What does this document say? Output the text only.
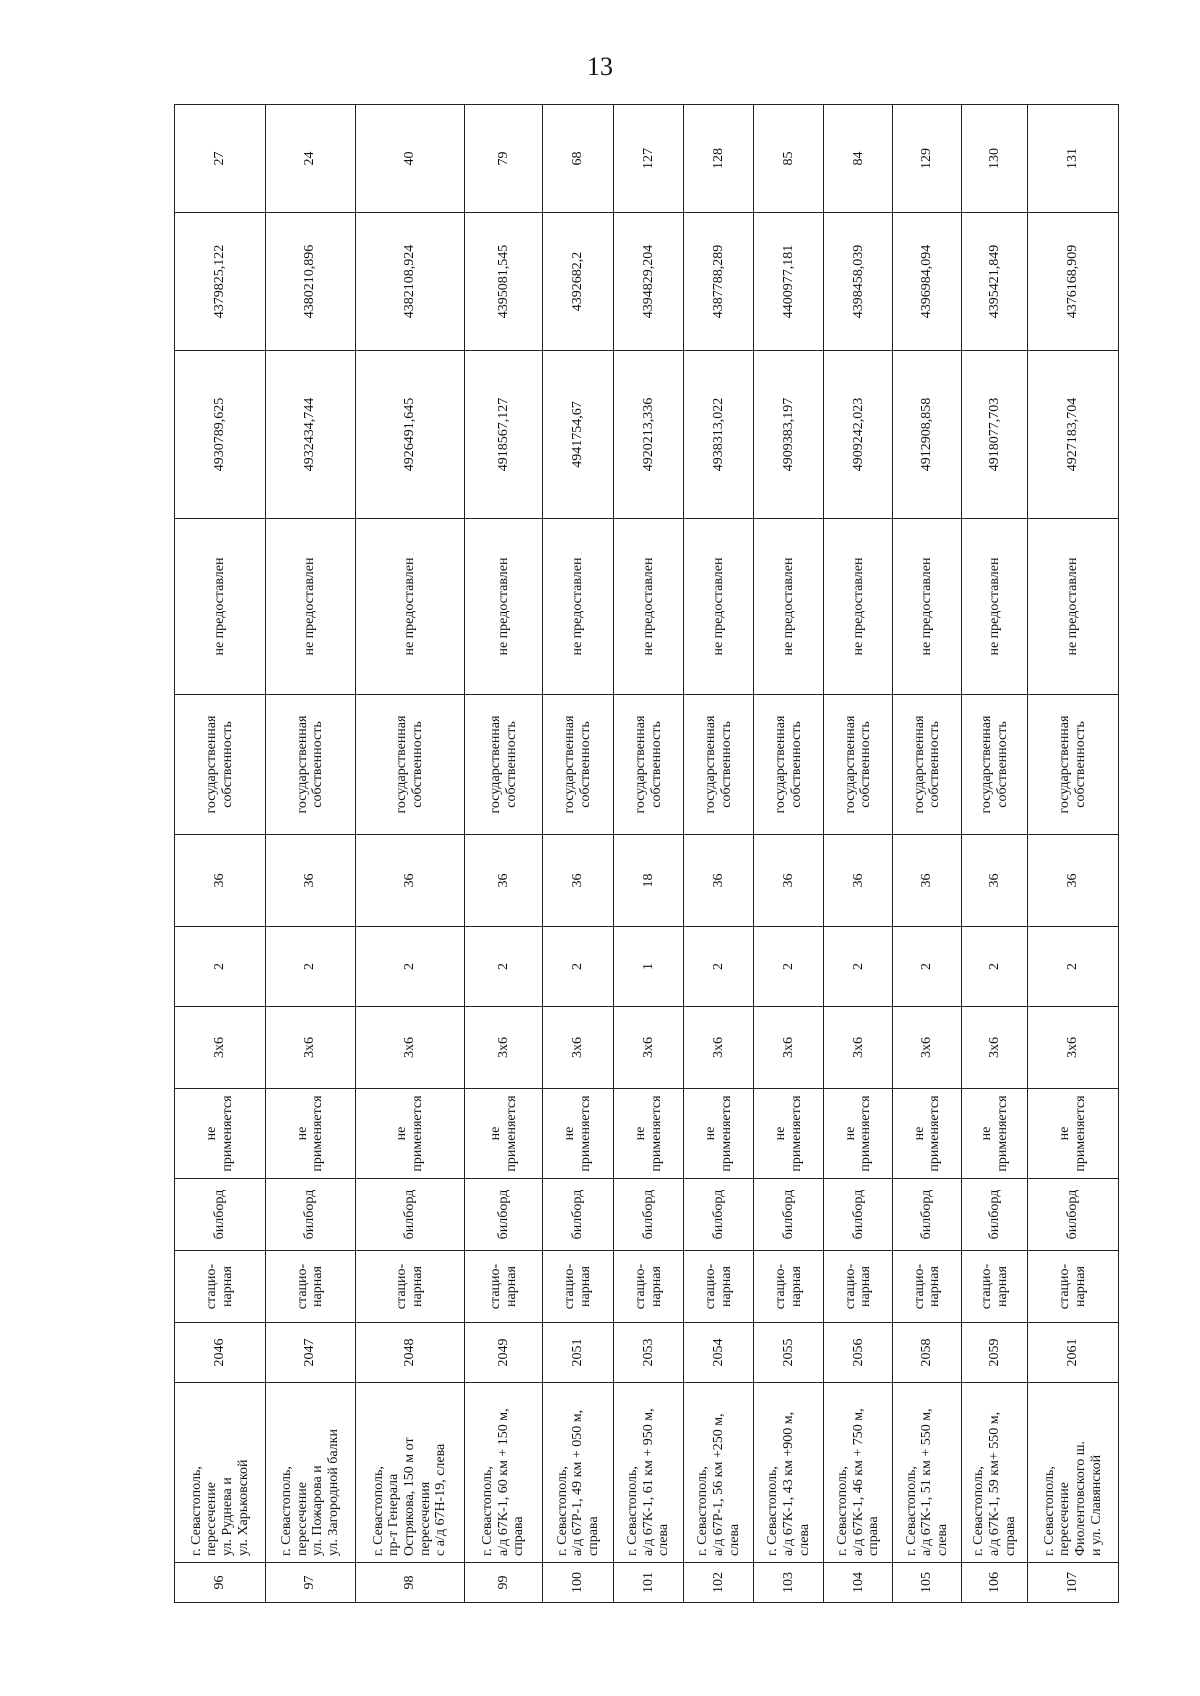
13
96	г. Севастополь,
пересечение
ул. Руднева и
ул. Харьковской	2046	стацио-
нарная	билборд	не
применяется	3х6	2	36	государственная
собственность	не предоставлен	4930789,625	4379825,122	27
97	г. Севастополь,
пересечение
ул. Пожарова и
ул. Загородной балки	2047	стацио-
нарная	билборд	не
применяется	3х6	2	36	государственная
собственность	не предоставлен	4932434,744	4380210,896	24
98	г. Севастополь,
пр-т Генерала
Острякова, 150 м от
пересечения
с а/д 67Н-19, слева	2048	стацио-
нарная	билборд	не
применяется	3х6	2	36	государственная
собственность	не предоставлен	4926491,645	4382108,924	40
99	г. Севастополь,
а/д 67К-1, 60 км + 150 м,
справа	2049	стацио-
нарная	билборд	не
применяется	3х6	2	36	государственная
собственность	не предоставлен	4918567,127	4395081,545	79
100	г. Севастополь,
а/д 67Р-1, 49 км + 050 м,
справа	2051	стацио-
нарная	билборд	не
применяется	3х6	2	36	государственная
собственность	не предоставлен	4941754,67	4392682,2	68
101	г. Севастополь,
а/д 67К-1, 61 км + 950 м,
слева	2053	стацио-
нарная	билборд	не
применяется	3х6	1	18	государственная
собственность	не предоставлен	4920213,336	4394829,204	127
102	г. Севастополь,
а/д 67Р-1, 56 км +250 м,
слева	2054	стацио-
нарная	билборд	не
применяется	3х6	2	36	государственная
собственность	не предоставлен	4938313,022	4387788,289	128
103	г. Севастополь,
а/д 67К-1, 43 км +900 м,
слева	2055	стацио-
нарная	билборд	не
применяется	3х6	2	36	государственная
собственность	не предоставлен	4909383,197	4400977,181	85
104	г. Севастополь,
а/д 67К-1, 46 км + 750 м,
справа	2056	стацио-
нарная	билборд	не
применяется	3х6	2	36	государственная
собственность	не предоставлен	4909242,023	4398458,039	84
105	г. Севастополь,
а/д 67К-1, 51 км + 550 м,
слева	2058	стацио-
нарная	билборд	не
применяется	3х6	2	36	государственная
собственность	не предоставлен	4912908,858	4396984,094	129
106	г. Севастополь,
а/д 67К-1, 59 км+ 550 м,
справа	2059	стацио-
нарная	билборд	не
применяется	3х6	2	36	государственная
собственность	не предоставлен	4918077,703	4395421,849	130
107	г. Севастополь,
пересечение
Фиолентовского ш.
и ул. Славянской	2061	стацио-
нарная	билборд	не
применяется	3х6	2	36	государственная
собственность	не предоставлен	4927183,704	4376168,909	131
